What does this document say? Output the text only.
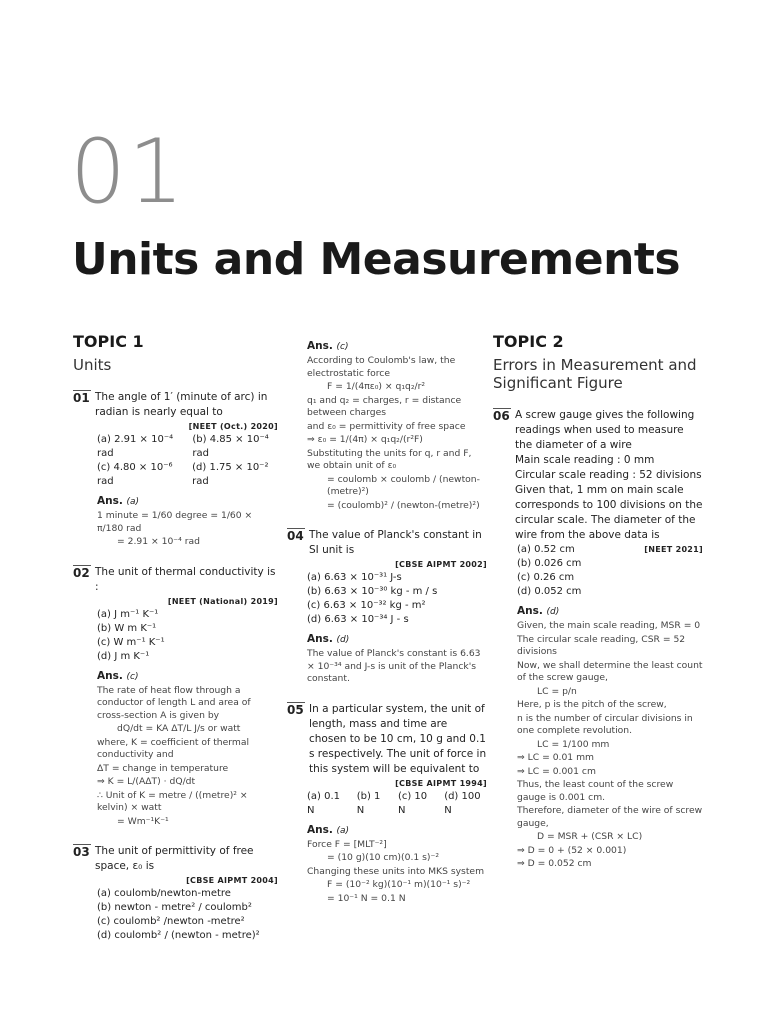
01
Units and Measurements
TOPIC 1
Units
01 The angle of 1′ (minute of arc) in radian is nearly equal to
[NEET (Oct.) 2020]
(a) 2.91 × 10⁻⁴ rad
(b) 4.85 × 10⁻⁴ rad
(c) 4.80 × 10⁻⁶ rad
(d) 1.75 × 10⁻² rad
Ans. (a)
1 minute = 1/60 degree = 1/60 × π/180 rad
= 2.91 × 10⁻⁴ rad
02 The unit of thermal conductivity is :
[NEET (National) 2019]
(a) J m⁻¹ K⁻¹
(b) W m K⁻¹
(c) W m⁻¹ K⁻¹
(d) J m K⁻¹
Ans. (c)
The rate of heat flow through a conductor of length L and area of cross-section A is given by
dQ/dt = KA ΔT/L J/s or watt
where, K = coefficient of thermal conductivity and
ΔT = change in temperature
⇒ K = L/(AΔT) · dQ/dt
∴ Unit of K = metre / ((metre)² × kelvin) × watt
= Wm⁻¹K⁻¹
03 The unit of permittivity of free space, ε₀ is
[CBSE AIPMT 2004]
(a) coulomb/newton-metre
(b) newton - metre² / coulomb²
(c) coulomb² /newton -metre²
(d) coulomb² / (newton - metre)²
Ans. (c)
According to Coulomb's law, the electrostatic force
F = 1/(4πε₀) × q₁q₂/r²
q₁ and q₂ = charges, r = distance between charges
and ε₀ = permittivity of free space
⇒ ε₀ = 1/(4π) × q₁q₂/(r²F)
Substituting the units for q, r and F, we obtain unit of ε₀
= coulomb × coulomb / (newton-(metre)²)
= (coulomb)² / (newton-(metre)²)
04 The value of Planck's constant in SI unit is
[CBSE AIPMT 2002]
(a) 6.63 × 10⁻³¹ J-s
(b) 6.63 × 10⁻³⁰ kg - m / s
(c) 6.63 × 10⁻³² kg - m²
(d) 6.63 × 10⁻³⁴ J - s
Ans. (d)
The value of Planck's constant is 6.63 × 10⁻³⁴ and J-s is unit of the Planck's constant.
05 In a particular system, the unit of length, mass and time are chosen to be 10 cm, 10 g and 0.1 s respectively. The unit of force in this system will be equivalent to
[CBSE AIPMT 1994]
(a) 0.1 N
(b) 1 N
(c) 10 N
(d) 100 N
Ans. (a)
Force F = [MLT⁻²]
= (10 g)(10 cm)(0.1 s)⁻²
Changing these units into MKS system
F = (10⁻² kg)(10⁻¹ m)(10⁻¹ s)⁻²
= 10⁻¹ N = 0.1 N
TOPIC 2
Errors in Measurement and Significant Figure
06 A screw gauge gives the following readings when used to measure the diameter of a wire
Main scale reading : 0 mm
Circular scale reading : 52 divisions
Given that, 1 mm on main scale corresponds to 100 divisions on the circular scale. The diameter of the wire from the above data is
(a) 0.52 cm	[NEET 2021]
(b) 0.026 cm
(c) 0.26 cm
(d) 0.052 cm
Ans. (d)
Given, the main scale reading, MSR = 0
The circular scale reading, CSR = 52 divisions
Now, we shall determine the least count of the screw gauge,
LC = p/n
Here, p is the pitch of the screw,
n is the number of circular divisions in one complete revolution.
LC = 1/100 mm
⇒ LC = 0.01 mm
⇒ LC = 0.001 cm
Thus, the least count of the screw gauge is 0.001 cm.
Therefore, diameter of the wire of screw gauge,
D = MSR + (CSR × LC)
⇒ D = 0 + (52 × 0.001)
⇒ D = 0.052 cm
